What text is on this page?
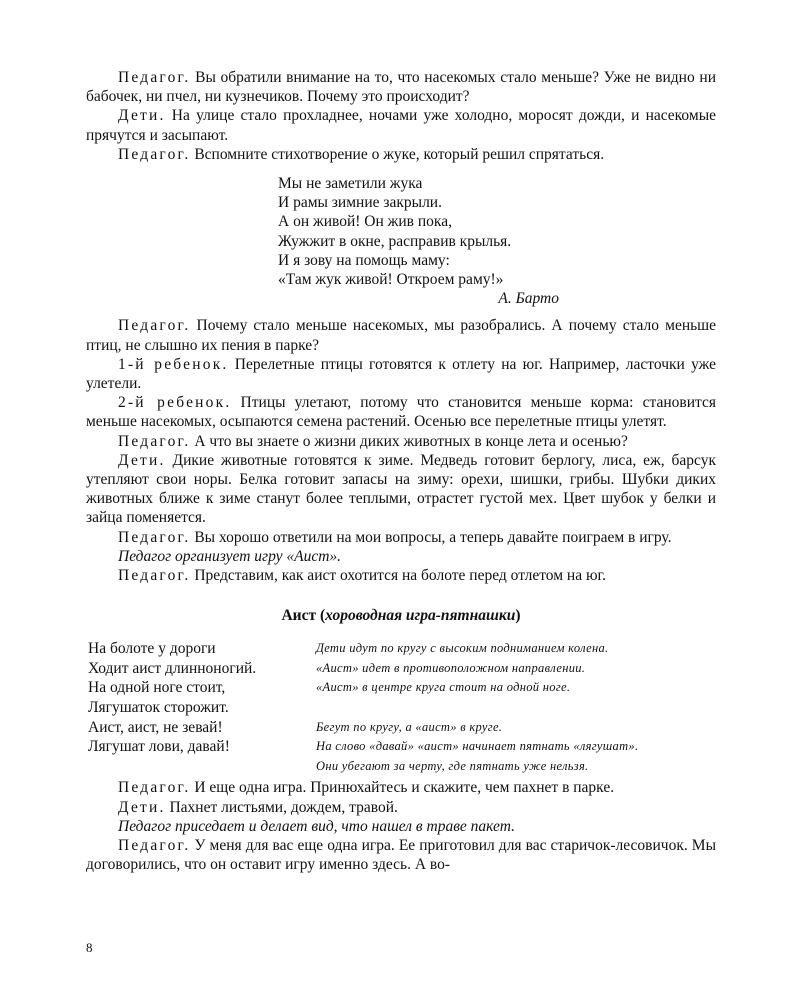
Педагог. Вы обратили внимание на то, что насекомых стало меньше? Уже не видно ни бабочек, ни пчел, ни кузнечиков. Почему это происходит?

Дети. На улице стало прохладнее, ночами уже холодно, моросят дожди, и насекомые прячутся и засыпают.

Педагог. Вспомните стихотворение о жуке, который решил спрятаться.

Мы не заметили жука
И рамы зимние закрыли.
А он живой! Он жив пока,
Жужжит в окне, расправив крылья.
И я зову на помощь маму:
«Там жук живой! Откроем раму!»
А. Барто

Педагог. Почему стало меньше насекомых, мы разобрались. А почему стало меньше птиц, не слышно их пения в парке?

1-й ребенок. Перелетные птицы готовятся к отлету на юг. Например, ласточки уже улетели.

2-й ребенок. Птицы улетают, потому что становится меньше корма: становится меньше насекомых, осыпаются семена растений. Осенью все перелетные птицы улетят.

Педагог. А что вы знаете о жизни диких животных в конце лета и осенью?

Дети. Дикие животные готовятся к зиме. Медведь готовит берлогу, лиса, еж, барсук утепляют свои норы. Белка готовит запасы на зиму: орехи, шишки, грибы. Шубки диких животных ближе к зиме станут более теплыми, отрастет густой мех. Цвет шубок у белки и зайца поменяется.

Педагог. Вы хорошо ответили на мои вопросы, а теперь давайте поиграем в игру.

Педагог организует игру «Аист».

Педагог. Представим, как аист охотится на болоте перед отлетом на юг.

Аист (хороводная игра-пятнашки)
На болоте у дороги	Дети идут по кругу с высоким подниманием колена.
Ходит аист длинноногий.	«Аист» идет в противоположном направлении.
На одной ноге стоит,	«Аист» в центре круга стоит на одной ноге.
Лягушаток сторожит.	
Аист, аист, не зевай!	Бегут по кругу, а «аист» в круге.
Лягушат лови, давай!	На слово «давай» «аист» начинает пятнать «лягушат».
	Они убегают за черту, где пятнать уже нельзя.

Педагог. И еще одна игра. Принюхайтесь и скажите, чем пахнет в парке.

Дети. Пахнет листьями, дождем, травой.

Педагог приседает и делает вид, что нашел в траве пакет.

Педагог. У меня для вас еще одна игра. Ее приготовил для вас старичок-лесовичок. Мы договорились, что он оставит игру именно здесь. А во-

8
